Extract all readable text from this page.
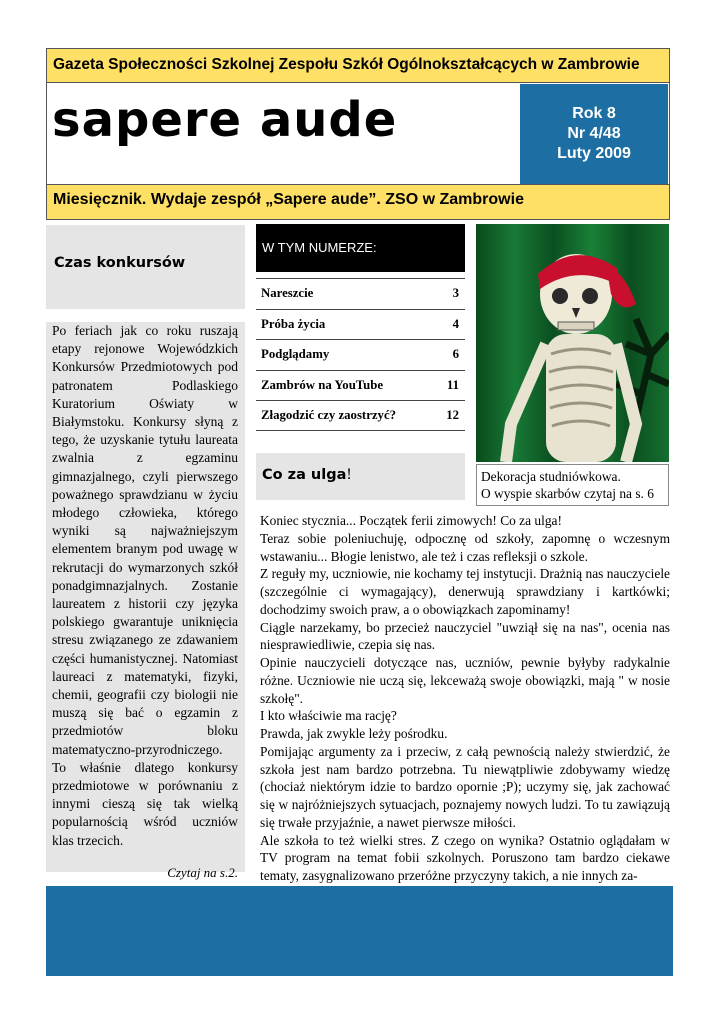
Gazeta Społeczności Szkolnej Zespołu Szkół Ogólnokształcących w Zambrowie
sapere aude	Rok 8
Nr 4/48
Luty 2009
Miesięcznik. Wydaje zespół „Sapere aude”. ZSO w Zambrowie
Czas konkursów
Po feriach jak co roku ruszają etapy rejonowe Wojewódzkich Konkursów Przedmiotowych pod patronatem Podlaskiego Kuratorium Oświaty w Białymstoku. Konkursy słyną z tego, że uzyskanie tytułu laureata zwalnia z egzaminu gimnazjalnego, czyli pierwszego poważnego sprawdzianu w życiu młodego człowieka, którego wyniki są najważniejszym elementem branym pod uwagę w rekrutacji do wymarzonych szkół ponadgimnazjalnych. Zostanie laureatem z historii czy języka polskiego gwarantuje uniknięcia stresu związanego ze zdawaniem części humanistycznej. Natomiast laureaci z matematyki, fizyki, chemii, geografii czy biologii nie muszą się bać o egzamin z przedmiotów bloku matematyczno-przyrodniczego. To właśnie dlatego konkursy przedmiotowe w porównaniu z innymi cieszą się tak wielką popularnością wśród uczniów klas trzecich.
Czytaj na s.2.
W TYM NUMERZE:
Nareszcie	3
Próba życia	4
Podglądamy	6
Zambrów na YouTube	11
Złagodzić czy zaostrzyć?	12
Co za ulga!	Dekoracja studniówkowa.
O wyspie skarbów czytaj na s. 6

Koniec stycznia... Początek ferii zimowych! Co za ulga!

Teraz sobie poleniuchuję, odpocznę od szkoły, zapomnę o wczesnym wstawaniu... Błogie lenistwo, ale też i czas refleksji o szkole.

Z reguły my, uczniowie, nie kochamy tej instytucji. Drażnią nas nauczyciele (szczególnie ci wymagający), denerwują sprawdziany i kartkówki; dochodzimy swoich praw, a o obowiązkach zapominamy!

Ciągle narzekamy, bo przecież nauczyciel "uwziął się na nas", ocenia nas niesprawiedliwie, czepia się nas.

Opinie nauczycieli dotyczące nas, uczniów, pewnie byłyby radykalnie różne. Uczniowie nie uczą się, lekceważą swoje obowiązki, mają " w nosie szkołę".

I kto właściwie ma rację?

Prawda, jak zwykle leży pośrodku.

Pomijając argumenty za i przeciw, z całą pewnością należy stwierdzić, że szkoła jest nam bardzo potrzebna. Tu niewątpliwie zdobywamy wiedzę (chociaż niektórym idzie to bardzo opornie ;P); uczymy się, jak zachować się w najróżniejszych sytuacjach, poznajemy nowych ludzi. To tu zawiązują się trwałe przyjaźnie, a nawet pierwsze miłości.

Ale szkoła to też wielki stres. Z czego on wynika? Ostatnio oglądałam w TV program na temat fobii szkolnych. Poruszono tam bardzo ciekawe tematy, zasygnalizowano przeróżne przyczyny takich, a nie innych za-
